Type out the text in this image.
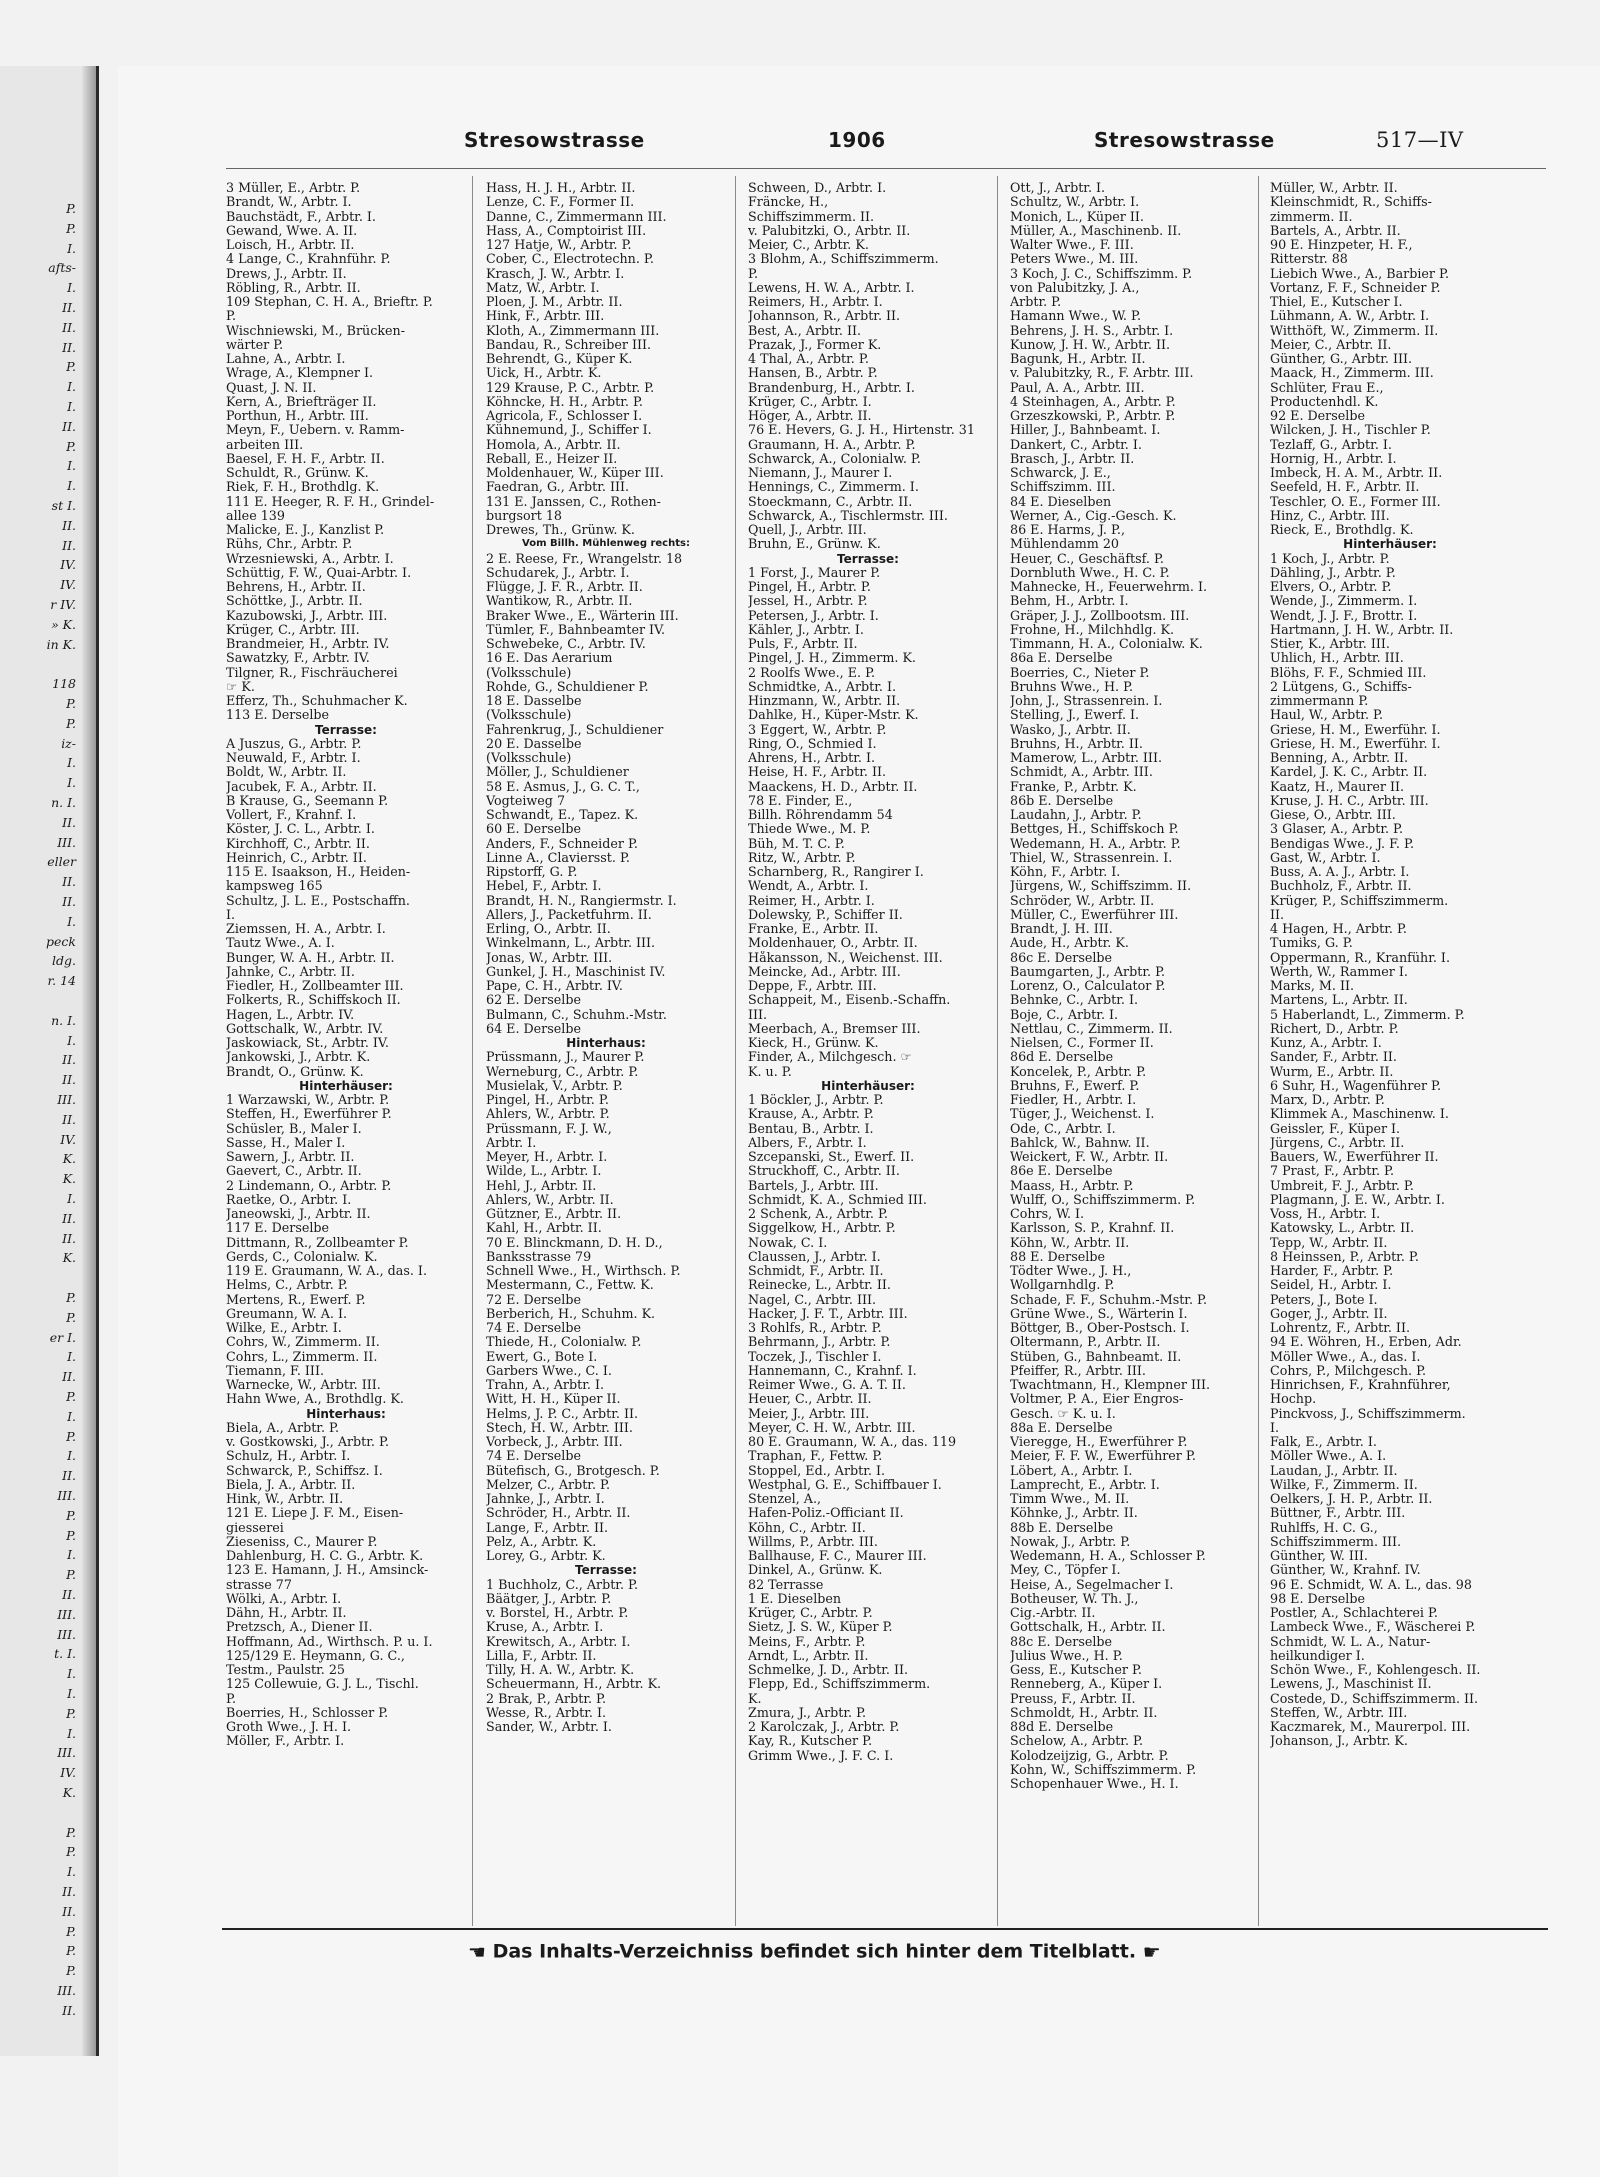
P.
P.
I.
afts-
I.
II.
II.
II.
P.
I.
I.
II.
P.
I.
I.
st I.
II.
II.
IV.
IV.
r IV.
» K.
in K.
118
P.
P.
iz-
I.
I.
n. I.
II.
III.
eller
II.
II.
I.
peck
ldg.
r. 14
n. I.
I.
II.
II.
III.
II.
IV.
K.
K.
I.
II.
II.
K.
P.
P.
er I.
I.
II.
P.
I.
P.
I.
II.
III.
P.
P.
I.
P.
II.
III.
III.
t. I.
I.
I.
P.
I.
III.
IV.
K.
P.
P.
I.
II.
II.
P.
P.
P.
III.
II.
Stresowstrasse	1906	Stresowstrasse	517—IV
3 Müller, E., Arbtr. P.
Brandt, W., Arbtr. I.
Bauchstädt, F., Arbtr. I.
Gewand, Wwe. A. II.
Loisch, H., Arbtr. II.
4 Lange, C., Krahnführ. P.
Drews, J., Arbtr. II.
Röbling, R., Arbtr. II.
109 Stephan, C. H. A., Brieftr. P.
P.
Wischniewski, M., Brücken-
wärter P.
Lahne, A., Arbtr. I.
Wrage, A., Klempner I.
Quast, J. N. II.
Kern, A., Briefträger II.
Porthun, H., Arbtr. III.
Meyn, F., Uebern. v. Ramm-
arbeiten III.
Baesel, F. H. F., Arbtr. II.
Schuldt, R., Grünw. K.
Riek, F. H., Brothdlg. K.
111 E. Heeger, R. F. H., Grindel-
allee 139
Malicke, E. J., Kanzlist P.
Rühs, Chr., Arbtr. P.
Wrzesniewski, A., Arbtr. I.
Schüttig, F. W., Quai-Arbtr. I.
Behrens, H., Arbtr. II.
Schöttke, J., Arbtr. II.
Kazubowski, J., Arbtr. III.
Krüger, C., Arbtr. III.
Brandmeier, H., Arbtr. IV.
Sawatzky, F., Arbtr. IV.
Tilgner, R., Fischräucherei
☞ K.
Efferz, Th., Schuhmacher K.
113 E. Derselbe
Terrasse:
A Juszus, G., Arbtr. P.
Neuwald, F., Arbtr. I.
Boldt, W., Arbtr. II.
Jacubek, F. A., Arbtr. II.
B Krause, G., Seemann P.
Vollert, F., Krahnf. I.
Köster, J. C. L., Arbtr. I.
Kirchhoff, C., Arbtr. II.
Heinrich, C., Arbtr. II.
115 E. Isaakson, H., Heiden-
kampsweg 165
Schultz, J. L. E., Postschaffn.
I.
Ziemssen, H. A., Arbtr. I.
Tautz Wwe., A. I.
Bunger, W. A. H., Arbtr. II.
Jahnke, C., Arbtr. II.
Fiedler, H., Zollbeamter III.
Folkerts, R., Schiffskoch II.
Hagen, L., Arbtr. IV.
Gottschalk, W., Arbtr. IV.
Jaskowiack, St., Arbtr. IV.
Jankowski, J., Arbtr. K.
Brandt, O., Grünw. K.
Hinterhäuser:
1 Warzawski, W., Arbtr. P.
Steffen, H., Ewerführer P.
Schüsler, B., Maler I.
Sasse, H., Maler I.
Sawern, J., Arbtr. II.
Gaevert, C., Arbtr. II.
2 Lindemann, O., Arbtr. P.
Raetke, O., Arbtr. I.
Janeowski, J., Arbtr. II.
117 E. Derselbe
Dittmann, R., Zollbeamter P.
Gerds, C., Colonialw. K.
119 E. Graumann, W. A., das. I.
Helms, C., Arbtr. P.
Mertens, R., Ewerf. P.
Greumann, W. A. I.
Wilke, E., Arbtr. I.
Cohrs, W., Zimmerm. II.
Cohrs, L., Zimmerm. II.
Tiemann, F. III.
Warnecke, W., Arbtr. III.
Hahn Wwe, A., Brothdlg. K.
Hinterhaus:
Biela, A., Arbtr. P.
v. Gostkowski, J., Arbtr. P.
Schulz, H., Arbtr. I.
Schwarck, P., Schiffsz. I.
Biela, J. A., Arbtr. II.
Hink, W., Arbtr. II.
121 E. Liepe J. F. M., Eisen-
giesserei
Zieseniss, C., Maurer P.
Dahlenburg, H. C. G., Arbtr. K.
123 E. Hamann, J. H., Amsinck-
strasse 77
Wölki, A., Arbtr. I.
Dähn, H., Arbtr. II.
Pretzsch, A., Diener II.
Hoffmann, Ad., Wirthsch. P. u. I.
125/129 E. Heymann, G. C.,
Testm., Paulstr. 25
125 Collewuie, G. J. L., Tischl.
P.
Boerries, H., Schlosser P.
Groth Wwe., J. H. I.
Möller, F., Arbtr. I.
Hass, H. J. H., Arbtr. II.
Lenze, C. F., Former II.
Danne, C., Zimmermann III.
Hass, A., Comptoirist III.
127 Hatje, W., Arbtr. P.
Cober, C., Electrotechn. P.
Krasch, J. W., Arbtr. I.
Matz, W., Arbtr. I.
Ploen, J. M., Arbtr. II.
Hink, F., Arbtr. III.
Kloth, A., Zimmermann III.
Bandau, R., Schreiber III.
Behrendt, G., Küper K.
Uick, H., Arbtr. K.
129 Krause, P. C., Arbtr. P.
Köhncke, H. H., Arbtr. P.
Agricola, F., Schlosser I.
Kühnemund, J., Schiffer I.
Homola, A., Arbtr. II.
Reball, E., Heizer II.
Moldenhauer, W., Küper III.
Faedran, G., Arbtr. III.
131 E. Janssen, C., Rothen-
burgsort 18
Drewes, Th., Grünw. K.
Vom Billh. Mühlenweg rechts:
2 E. Reese, Fr., Wrangelstr. 18
Schudarek, J., Arbtr. I.
Flügge, J. F. R., Arbtr. II.
Wantikow, R., Arbtr. II.
Braker Wwe., E., Wärterin III.
Tümler, F., Bahnbeamter IV.
Schwebeke, C., Arbtr. IV.
16 E. Das Aerarium
(Volksschule)
Rohde, G., Schuldiener P.
18 E. Dasselbe
(Volksschule)
Fahrenkrug, J., Schuldiener
20 E. Dasselbe
(Volksschule)
Möller, J., Schuldiener
58 E. Asmus, J., G. C. T.,
Vogteiweg 7
Schwandt, E., Tapez. K.
60 E. Derselbe
Anders, F., Schneider P.
Linne A., Claviersst. P.
Ripstorff, G. P.
Hebel, F., Arbtr. I.
Brandt, H. N., Rangiermstr. I.
Allers, J., Packetfuhrm. II.
Erling, O., Arbtr. II.
Winkelmann, L., Arbtr. III.
Jonas, W., Arbtr. III.
Gunkel, J. H., Maschinist IV.
Pape, C. H., Arbtr. IV.
62 E. Derselbe
Bulmann, C., Schuhm.-Mstr.
64 E. Derselbe
Hinterhaus:
Prüssmann, J., Maurer P.
Werneburg, C., Arbtr. P.
Musielak, V., Arbtr. P.
Pingel, H., Arbtr. P.
Ahlers, W., Arbtr. P.
Prüssmann, F. J. W.,
Arbtr. I.
Meyer, H., Arbtr. I.
Wilde, L., Arbtr. I.
Hehl, J., Arbtr. II.
Ahlers, W., Arbtr. II.
Gützner, E., Arbtr. II.
Kahl, H., Arbtr. II.
70 E. Blinckmann, D. H. D.,
Banksstrasse 79
Schnell Wwe., H., Wirthsch. P.
Mestermann, C., Fettw. K.
72 E. Derselbe
Berberich, H., Schuhm. K.
74 E. Derselbe
Thiede, H., Colonialw. P.
Ewert, G., Bote I.
Garbers Wwe., C. I.
Trahn, A., Arbtr. I.
Witt, H. H., Küper II.
Helms, J. P. C., Arbtr. II.
Stech, H. W., Arbtr. III.
Vorbeck, J., Arbtr. III.
74 E. Derselbe
Bütefisch, G., Brotgesch. P.
Melzer, C., Arbtr. P.
Jahnke, J., Arbtr. I.
Schröder, H., Arbtr. II.
Lange, F., Arbtr. II.
Pelz, A., Arbtr. K.
Lorey, G., Arbtr. K.
Terrasse:
1 Buchholz, C., Arbtr. P.
Bäätger, J., Arbtr. P.
v. Borstel, H., Arbtr. P.
Kruse, A., Arbtr. I.
Krewitsch, A., Arbtr. I.
Lilla, F., Arbtr. II.
Tilly, H. A. W., Arbtr. K.
Scheuermann, H., Arbtr. K.
2 Brak, P., Arbtr. P.
Wesse, R., Arbtr. I.
Sander, W., Arbtr. I.
Schween, D., Arbtr. I.
Fräncke, H.,
Schiffszimmerm. II.
v. Palubitzki, O., Arbtr. II.
Meier, C., Arbtr. K.
3 Blohm, A., Schiffszimmerm.
P.
Lewens, H. W. A., Arbtr. I.
Reimers, H., Arbtr. I.
Johannson, R., Arbtr. II.
Best, A., Arbtr. II.
Prazak, J., Former K.
4 Thal, A., Arbtr. P.
Hansen, B., Arbtr. P.
Brandenburg, H., Arbtr. I.
Krüger, C., Arbtr. I.
Höger, A., Arbtr. II.
76 E. Hevers, G. J. H., Hirtenstr. 31
Graumann, H. A., Arbtr. P.
Schwarck, A., Colonialw. P.
Niemann, J., Maurer I.
Hennings, C., Zimmerm. I.
Stoeckmann, C., Arbtr. II.
Schwarck, A., Tischlermstr. III.
Quell, J., Arbtr. III.
Bruhn, E., Grünw. K.
Terrasse:
1 Forst, J., Maurer P.
Pingel, H., Arbtr. P.
Jessel, H., Arbtr. P.
Petersen, J., Arbtr. I.
Kähler, J., Arbtr. I.
Puls, F., Arbtr. II.
Pingel, J. H., Zimmerm. K.
2 Roolfs Wwe., E. P.
Schmidtke, A., Arbtr. I.
Hinzmann, W., Arbtr. II.
Dahlke, H., Küper-Mstr. K.
3 Eggert, W., Arbtr. P.
Ring, O., Schmied I.
Ahrens, H., Arbtr. I.
Heise, H. F., Arbtr. II.
Maackens, H. D., Arbtr. II.
78 E. Finder, E.,
Billh. Röhrendamm 54
Thiede Wwe., M. P.
Büh, M. T. C. P.
Ritz, W., Arbtr. P.
Scharnberg, R., Rangirer I.
Wendt, A., Arbtr. I.
Reimer, H., Arbtr. I.
Dolewsky, P., Schiffer II.
Franke, E., Arbtr. II.
Moldenhauer, O., Arbtr. II.
Håkansson, N., Weichenst. III.
Meincke, Ad., Arbtr. III.
Deppe, F., Arbtr. III.
Schappeit, M., Eisenb.-Schaffn.
III.
Meerbach, A., Bremser III.
Kieck, H., Grünw. K.
Finder, A., Milchgesch. ☞
K. u. P.
Hinterhäuser:
1 Böckler, J., Arbtr. P.
Krause, A., Arbtr. P.
Bentau, B., Arbtr. I.
Albers, F., Arbtr. I.
Szcepanski, St., Ewerf. II.
Struckhoff, C., Arbtr. II.
Bartels, J., Arbtr. III.
Schmidt, K. A., Schmied III.
2 Schenk, A., Arbtr. P.
Siggelkow, H., Arbtr. P.
Nowak, C. I.
Claussen, J., Arbtr. I.
Schmidt, F., Arbtr. II.
Reinecke, L., Arbtr. II.
Nagel, C., Arbtr. III.
Hacker, J. F. T., Arbtr. III.
3 Rohlfs, R., Arbtr. P.
Behrmann, J., Arbtr. P.
Toczek, J., Tischler I.
Hannemann, C., Krahnf. I.
Reimer Wwe., G. A. T. II.
Heuer, C., Arbtr. II.
Meier, J., Arbtr. III.
Meyer, C. H. W., Arbtr. III.
80 E. Graumann, W. A., das. 119
Traphan, F., Fettw. P.
Stoppel, Ed., Arbtr. I.
Westphal, G. E., Schiffbauer I.
Stenzel, A.,
Hafen-Poliz.-Officiant II.
Köhn, C., Arbtr. II.
Willms, P., Arbtr. III.
Ballhause, F. C., Maurer III.
Dinkel, A., Grünw. K.
82 Terrasse
1 E. Dieselben
Krüger, C., Arbtr. P.
Sietz, J. S. W., Küper P.
Meins, F., Arbtr. P.
Arndt, L., Arbtr. II.
Schmelke, J. D., Arbtr. II.
Flepp, Ed., Schiffszimmerm.
K.
Zmura, J., Arbtr. P.
2 Karolczak, J., Arbtr. P.
Kay, R., Kutscher P.
Grimm Wwe., J. F. C. I.
Ott, J., Arbtr. I.
Schultz, W., Arbtr. I.
Monich, L., Küper II.
Müller, A., Maschinenb. II.
Walter Wwe., F. III.
Peters Wwe., M. III.
3 Koch, J. C., Schiffszimm. P.
von Palubitzky, J. A.,
Arbtr. P.
Hamann Wwe., W. P.
Behrens, J. H. S., Arbtr. I.
Kunow, J. H. W., Arbtr. II.
Bagunk, H., Arbtr. II.
v. Palubitzky, R., F. Arbtr. III.
Paul, A. A., Arbtr. III.
4 Steinhagen, A., Arbtr. P.
Grzeszkowski, P., Arbtr. P.
Hiller, J., Bahnbeamt. I.
Dankert, C., Arbtr. I.
Brasch, J., Arbtr. II.
Schwarck, J. E.,
Schiffszimm. III.
84 E. Dieselben
Werner, A., Cig.-Gesch. K.
86 E. Harms, J. P.,
Mühlendamm 20
Heuer, C., Geschäftsf. P.
Dornbluth Wwe., H. C. P.
Mahnecke, H., Feuerwehrm. I.
Behm, H., Arbtr. I.
Gräper, J. J., Zollbootsm. III.
Frohne, H., Milchhdlg. K.
Timmann, H. A., Colonialw. K.
86a E. Derselbe
Boerries, C., Nieter P.
Bruhns Wwe., H. P.
John, J., Strassenrein. I.
Stelling, J., Ewerf. I.
Wasko, J., Arbtr. II.
Bruhns, H., Arbtr. II.
Mamerow, L., Arbtr. III.
Schmidt, A., Arbtr. III.
Franke, P., Arbtr. K.
86b E. Derselbe
Laudahn, J., Arbtr. P.
Bettges, H., Schiffskoch P.
Wedemann, H. A., Arbtr. P.
Thiel, W., Strassenrein. I.
Köhn, F., Arbtr. I.
Jürgens, W., Schiffszimm. II.
Schröder, W., Arbtr. II.
Müller, C., Ewerführer III.
Brandt, J. H. III.
Aude, H., Arbtr. K.
86c E. Derselbe
Baumgarten, J., Arbtr. P.
Lorenz, O., Calculator P.
Behnke, C., Arbtr. I.
Boje, C., Arbtr. I.
Nettlau, C., Zimmerm. II.
Nielsen, C., Former II.
86d E. Derselbe
Koncelek, P., Arbtr. P.
Bruhns, F., Ewerf. P.
Fiedler, H., Arbtr. I.
Tüger, J., Weichenst. I.
Ode, C., Arbtr. I.
Bahlck, W., Bahnw. II.
Weickert, F. W., Arbtr. II.
86e E. Derselbe
Maass, H., Arbtr. P.
Wulff, O., Schiffszimmerm. P.
Cohrs, W. I.
Karlsson, S. P., Krahnf. II.
Köhn, W., Arbtr. II.
88 E. Derselbe
Tödter Wwe., J. H.,
Wollgarnhdlg. P.
Schade, F. F., Schuhm.-Mstr. P.
Grüne Wwe., S., Wärterin I.
Böttger, B., Ober-Postsch. I.
Oltermann, P., Arbtr. II.
Stüben, G., Bahnbeamt. II.
Pfeiffer, R., Arbtr. III.
Twachtmann, H., Klempner III.
Voltmer, P. A., Eier Engros-
Gesch. ☞ K. u. I.
88a E. Derselbe
Vieregge, H., Ewerführer P.
Meier, F. F. W., Ewerführer P.
Löbert, A., Arbtr. I.
Lamprecht, E., Arbtr. I.
Timm Wwe., M. II.
Köhnke, J., Arbtr. II.
88b E. Derselbe
Nowak, J., Arbtr. P.
Wedemann, H. A., Schlosser P.
Mey, C., Töpfer I.
Heise, A., Segelmacher I.
Botheuser, W. Th. J.,
Cig.-Arbtr. II.
Gottschalk, H., Arbtr. II.
88c E. Derselbe
Julius Wwe., H. P.
Gess, E., Kutscher P.
Renneberg, A., Küper I.
Preuss, F., Arbtr. II.
Schmoldt, H., Arbtr. II.
88d E. Derselbe
Schelow, A., Arbtr. P.
Kolodzeijzig, G., Arbtr. P.
Kohn, W., Schiffszimmerm. P.
Schopenhauer Wwe., H. I.
Müller, W., Arbtr. II.
Kleinschmidt, R., Schiffs-
zimmerm. II.
Bartels, A., Arbtr. II.
90 E. Hinzpeter, H. F.,
Ritterstr. 88
Liebich Wwe., A., Barbier P.
Vortanz, F. F., Schneider P.
Thiel, E., Kutscher I.
Lühmann, A. W., Arbtr. I.
Witthöft, W., Zimmerm. II.
Meier, C., Arbtr. II.
Günther, G., Arbtr. III.
Maack, H., Zimmerm. III.
Schlüter, Frau E.,
Productenhdl. K.
92 E. Derselbe
Wilcken, J. H., Tischler P.
Tezlaff, G., Arbtr. I.
Hornig, H., Arbtr. I.
Imbeck, H. A. M., Arbtr. II.
Seefeld, H. F., Arbtr. II.
Teschler, O. E., Former III.
Hinz, C., Arbtr. III.
Rieck, E., Brothdlg. K.
Hinterhäuser:
1 Koch, J., Arbtr. P.
Dähling, J., Arbtr. P.
Elvers, O., Arbtr. P.
Wende, J., Zimmerm. I.
Wendt, J. J. F., Brottr. I.
Hartmann, J. H. W., Arbtr. II.
Stier, K., Arbtr. III.
Uhlich, H., Arbtr. III.
Blöhs, F. F., Schmied III.
2 Lütgens, G., Schiffs-
zimmermann P.
Haul, W., Arbtr. P.
Griese, H. M., Ewerführ. I.
Griese, H. M., Ewerführ. I.
Benning, A., Arbtr. II.
Kardel, J. K. C., Arbtr. II.
Kaatz, H., Maurer II.
Kruse, J. H. C., Arbtr. III.
Giese, O., Arbtr. III.
3 Glaser, A., Arbtr. P.
Bendigas Wwe., J. F. P.
Gast, W., Arbtr. I.
Buss, A. A. J., Arbtr. I.
Buchholz, F., Arbtr. II.
Krüger, P., Schiffszimmerm.
II.
4 Hagen, H., Arbtr. P.
Tumiks, G. P.
Oppermann, R., Kranführ. I.
Werth, W., Rammer I.
Marks, M. II.
Martens, L., Arbtr. II.
5 Haberlandt, L., Zimmerm. P.
Richert, D., Arbtr. P.
Kunz, A., Arbtr. I.
Sander, F., Arbtr. II.
Wurm, E., Arbtr. II.
6 Suhr, H., Wagenführer P.
Marx, D., Arbtr. P.
Klimmek A., Maschinenw. I.
Geissler, F., Küper I.
Jürgens, C., Arbtr. II.
Bauers, W., Ewerführer II.
7 Prast, F., Arbtr. P.
Umbreit, F. J., Arbtr. P.
Plagmann, J. E. W., Arbtr. I.
Voss, H., Arbtr. I.
Katowsky, L., Arbtr. II.
Tepp, W., Arbtr. II.
8 Heinssen, P., Arbtr. P.
Harder, F., Arbtr. P.
Seidel, H., Arbtr. I.
Peters, J., Bote I.
Goger, J., Arbtr. II.
Lohrentz, F., Arbtr. II.
94 E. Wöhren, H., Erben, Adr.
Möller Wwe., A., das. I.
Cohrs, P., Milchgesch. P.
Hinrichsen, F., Krahnführer,
Hochp.
Pinckvoss, J., Schiffszimmerm.
I.
Falk, E., Arbtr. I.
Möller Wwe., A. I.
Laudan, J., Arbtr. II.
Wilke, F., Zimmerm. II.
Oelkers, J. H. P., Arbtr. II.
Büttner, F., Arbtr. III.
Ruhlffs, H. C. G.,
Schiffszimmerm. III.
Günther, W. III.
Günther, W., Krahnf. IV.
96 E. Schmidt, W. A. L., das. 98
98 E. Derselbe
Postler, A., Schlachterei P.
Lambeck Wwe., F., Wäscherei P.
Schmidt, W. L. A., Natur-
heilkundiger I.
Schön Wwe., F., Kohlengesch. II.
Lewens, J., Maschinist II.
Costede, D., Schiffszimmerm. II.
Steffen, W., Arbtr. III.
Kaczmarek, M., Maurerpol. III.
Johanson, J., Arbtr. K.
☚ Das Inhalts-Verzeichniss befindet sich hinter dem Titelblatt. ☛
